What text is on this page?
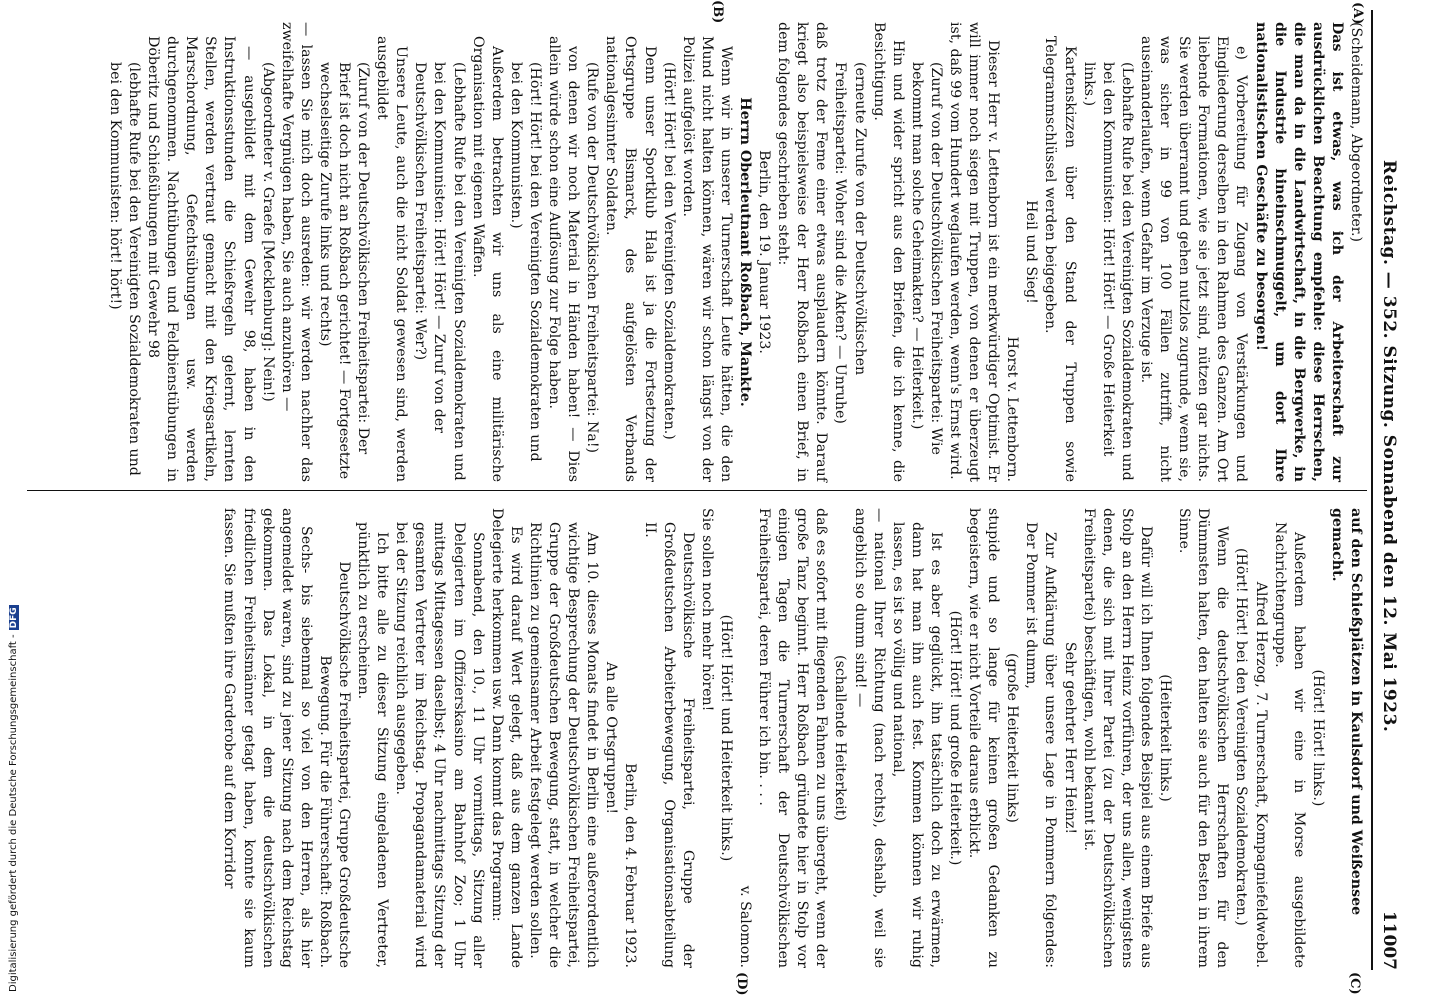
Reichstag. — 352. Sitzung. Sonnabend den 12. Mai 1923.
11007
(A)
(B)
(C)
(D)

(Scheidemann, Abgeordneter.)

Das ist etwas, was ich der Arbeiterschaft zur ausdrücklichen Beachtung empfehle: diese Herrschen, die man da in die Landwirtschaft, in die Bergwerke, in die Industrie hineinschmuggelt, um dort Ihre nationalistischen Geschäfte zu besorgen!

e) Vorbereitung für Zugang von Verstärkungen und Eingliederung derselben in den Rahmen des Ganzen. Am Ort liebende Formationen, wie sie jetzt sind, nützen gar nichts. Sie werden überrannt und gehen nutzlos zugrunde, wenn sie, was sicher in 99 von 100 Fällen zutrifft, nicht auseinanderlaufen, wenn Gefahr im Verzuge ist.

(Lebhafte Rufe bei den Vereinigten Sozialdemokraten und bei den Kommunisten: Hört! Hört! — Große Heiterkeit links.)

Kartenskizzen über den Stand der Truppen sowie Telegrammschlüssel werden beigegeben.

Heil und Sieg!

Horst v. Lettenborn.

Dieser Herr v. Lettenborn ist ein merkwürdiger Optimist. Er will immer noch siegen mit Truppen, von denen er überzeugt ist, daß 99 vom Hundert weglaufen werden, wenn's Ernst wird.

(Zuruf von der Deutschvölkischen Freiheitspartei: Wie bekommt man solche Geheimakten? — Heiterkeit.)

Hin und wider spricht aus den Briefen, die ich kenne, die Besichtigung.

(erneute Zurufe von der Deutschvölkischen Freiheitspartei: Woher sind die Akten? — Unruhe)

daß trotz der Feme einer etwas ausplaudern könnte. Darauf kriegt also beispielsweise der Herr Roßbach einen Brief, in dem folgendes geschrieben steht:

Berlin, den 19. Januar 1923.

Herrn Oberleutnant Roßbach, Mankte.

Wenn wir in unserer Turnerschaft Leute hätten, die den Mund nicht halten können, wären wir schon längst von der Polizei aufgelöst worden.

(Hört! Hört! bei den Vereinigten Sozialdemokraten.)

Denn unser Sportklub Hala ist ja die Fortsetzung der Ortsgruppe Bismarck, des aufgelösten Verbands nationalgesinnter Soldaten.

(Rufe von der Deutschvölkischen Freiheitspartei: Na!)

von denen wir noch Material in Händen haben! — Dies allein würde schon eine Auflösung zur Folge haben.

(Hört! Hört! bei den Vereinigten Sozialdemokraten und bei den Kommunisten.)

Außerdem betrachten wir uns als eine militärische Organisation mit eigenen Waffen.

(Lebhafte Rufe bei den Vereinigten Sozialdemokraten und bei den Kommunisten: Hört! Hört! — Zuruf von der Deutschvölkischen Freiheitspartei: Wer?)

Unsere Leute, auch die nicht Soldat gewesen sind, werden ausgebildet

(Zuruf von der Deutschvölkischen Freiheitspartei: Der Brief ist doch nicht an Roßbach gerichtet! — Fortgesetzte wechselseitige Zurufe links und rechts)

— lassen Sie mich doch ausreden: wir werden nachher das zweifelhafte Vergnügen haben, Sie auch anzuhören —

(Abgeordneter v. Graefe [Mecklenburg]: Nein!)

— ausgebildet mit dem Gewehr 98, haben in den Instruktionsstunden die Schießregeln gelernt, lernten Stellen, werden vertraut gemacht mit den Kriegsartikeln, Marschordnung, Gefechtsübungen usw. werden durchgenommen. Nachtübungen und Feldbienstübungen in Döberitz und Schießübungen mit Gewehr 98

(lebhafte Rufe bei den Vereinigten Sozialdemokraten und bei den Kommunisten: hört! hört!)

auf den Schießplätzen in Kaulsdorf und Weißensee

gemacht.

(Hört! Hört! links.)

Außerdem haben wir eine in Morse ausgebildete Nachrichtengruppe.

Alfred Herzog, 7. Turnerschaft, Kompagniefeldwebel.

(Hört! Hört! bei den Vereinigten Sozialdemokraten.)

Wenn die deutschvölkischen Herrschaften für den Dümmsten halten, den halten sie auch für den Besten in ihrem Sinne.

(Heiterkeit links.)

Dafür will ich Ihnen folgendes Beispiel aus einem Briefe aus Stolp an den Herrn Heinz vorführen, der uns allen, wenigstens denen, die sich mit Ihrer Partei (zu der Deutschvölkischen Freiheitspartei) beschäftigen, wohl bekannt ist.

Sehr geehrter Herr Heinz!

Zur Aufklärung über unsere Lage in Pommern folgendes: Der Pommer ist dumm,

(große Heiterkeit links)

stupide und so lange für keinen großen Gedanken zu begeistern, wie er nicht Vorteile daraus erblickt.

(Hört! Hört! und große Heiterkeit.)

Ist es aber geglückt, ihn tatsächlich doch zu erwärmen, dann hat man ihn auch fest. Kommen können wir ruhig lassen, es ist so völlig und national,

— national Ihrer Richtung (nach rechts), deshalb, weil sie angeblich so dumm sind! —

(schallende Heiterkeit)

daß es sofort mit fliegenden Fahnen zu uns übergeht, wenn der große Tanz beginnt. Herr Roßbach gründete hier in Stolp vor einigen Tagen die Turnerschaft der Deutschvölkischen Freiheitspartei, deren Führer ich bin. . . .

v. Salomon.

(Hört! Hört! und Heiterkeit links.)

Sie sollen noch mehr hören!

Deutschvölkische Freiheitspartei, Gruppe der Großdeutschen Arbeiterbewegung, Organisationsabteilung II.

Berlin, den 4. Februar 1923.

An alle Ortsgruppen!

Am 10. dieses Monats findet in Berlin eine außerordentlich wichtige Besprechung der Deutschvölkischen Freiheitspartei, Gruppe der Großdeutschen Bewegung, statt, in welcher die Richtlinien zu gemeinsamer Arbeit festgelegt werden sollen.

Es wird darauf Wert gelegt, daß aus dem ganzen Lande Delegierte herkommen usw. Dann kommt das Programm:

Sonnabend, den 10., 11 Uhr vormittags, Sitzung aller Delegierten im Offizierskasino am Bahnhof Zoo; 1 Uhr mittags Mittagessen daselbst; 4 Uhr nachmittags Sitzung der gesamten Vertreter im Reichstag. Propagandamaterial wird bei der Sitzung reichlich ausgegeben.

Ich bitte alle zu dieser Sitzung eingeladenen Vertreter, pünktlich zu erscheinen.

Deutschvölkische Freiheitspartei, Gruppe Großdeutsche Bewegung. Für die Führerschaft: Roßbach.

Sechs- bis siebenmal so viel von den Herren, als hier angemeldet waren, sind zu jener Sitzung nach dem Reichstag gekommen. Das Lokal, in dem die deutschvölkischen friedlichen Freiheitsmänner getagt haben, konnte sie kaum fassen. Sie mußten ihre Garderobe auf dem Korridor

Digitalisierung gefördert durch die Deutsche Forschungsgemeinschaft -
DFG
